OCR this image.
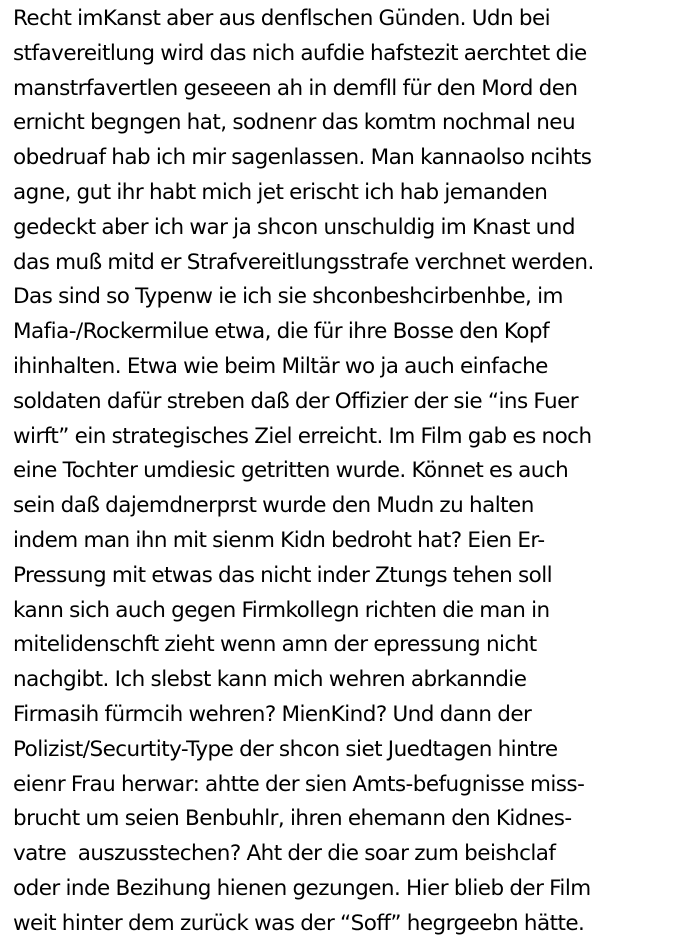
Recht imKanst aber aus denflschen Günden. Udn bei
stfavereitlung wird das nich aufdie hafstezit aerchtet die
manstrfavertlen geseeen ah in demfll für den Mord den
ernicht begngen hat, sodnenr das komtm nochmal neu
obedruaf hab ich mir sagenlassen. Man kannaolso ncihts
agne, gut ihr habt mich jet erischt ich hab jemanden
gedeckt aber ich war ja shcon unschuldig im Knast und
das muß mitd er Strafvereitlungsstrafe verchnet werden.
Das sind so Typenw ie ich sie shconbeshcirbenhbe, im
Mafia-/Rockermilue etwa, die für ihre Bosse den Kopf
ihinhalten. Etwa wie beim Miltär wo ja auch einfache
soldaten dafür streben daß der Offizier der sie “ins Fuer
wirft” ein strategisches Ziel erreicht. Im Film gab es noch
eine Tochter umdiesic getritten wurde. Könnet es auch
sein daß dajemdnerprst wurde den Mudn zu halten
indem man ihn mit sienm Kidn bedroht hat? Eien Er-
Pressung mit etwas das nicht inder Ztungs tehen soll
kann sich auch gegen Firmkollegn richten die man in
mitelidenschft zieht wenn amn der epressung nicht
nachgibt. Ich slebst kann mich wehren abrkanndie
Firmasih fürmcih wehren? MienKind? Und dann der
Polizist/Securtity-Type der shcon siet Juedtagen hintre
eienr Frau herwar: ahtte der sien Amts-befugnisse miss-
brucht um seien Benbuhlr, ihren ehemann den Kidnes-
vatre  auszusstechen? Aht der die soar zum beishclaf
oder inde Bezihung hienen gezungen. Hier blieb der Film
weit hinter dem zurück was der “Soff” hegrgeebn hätte.
